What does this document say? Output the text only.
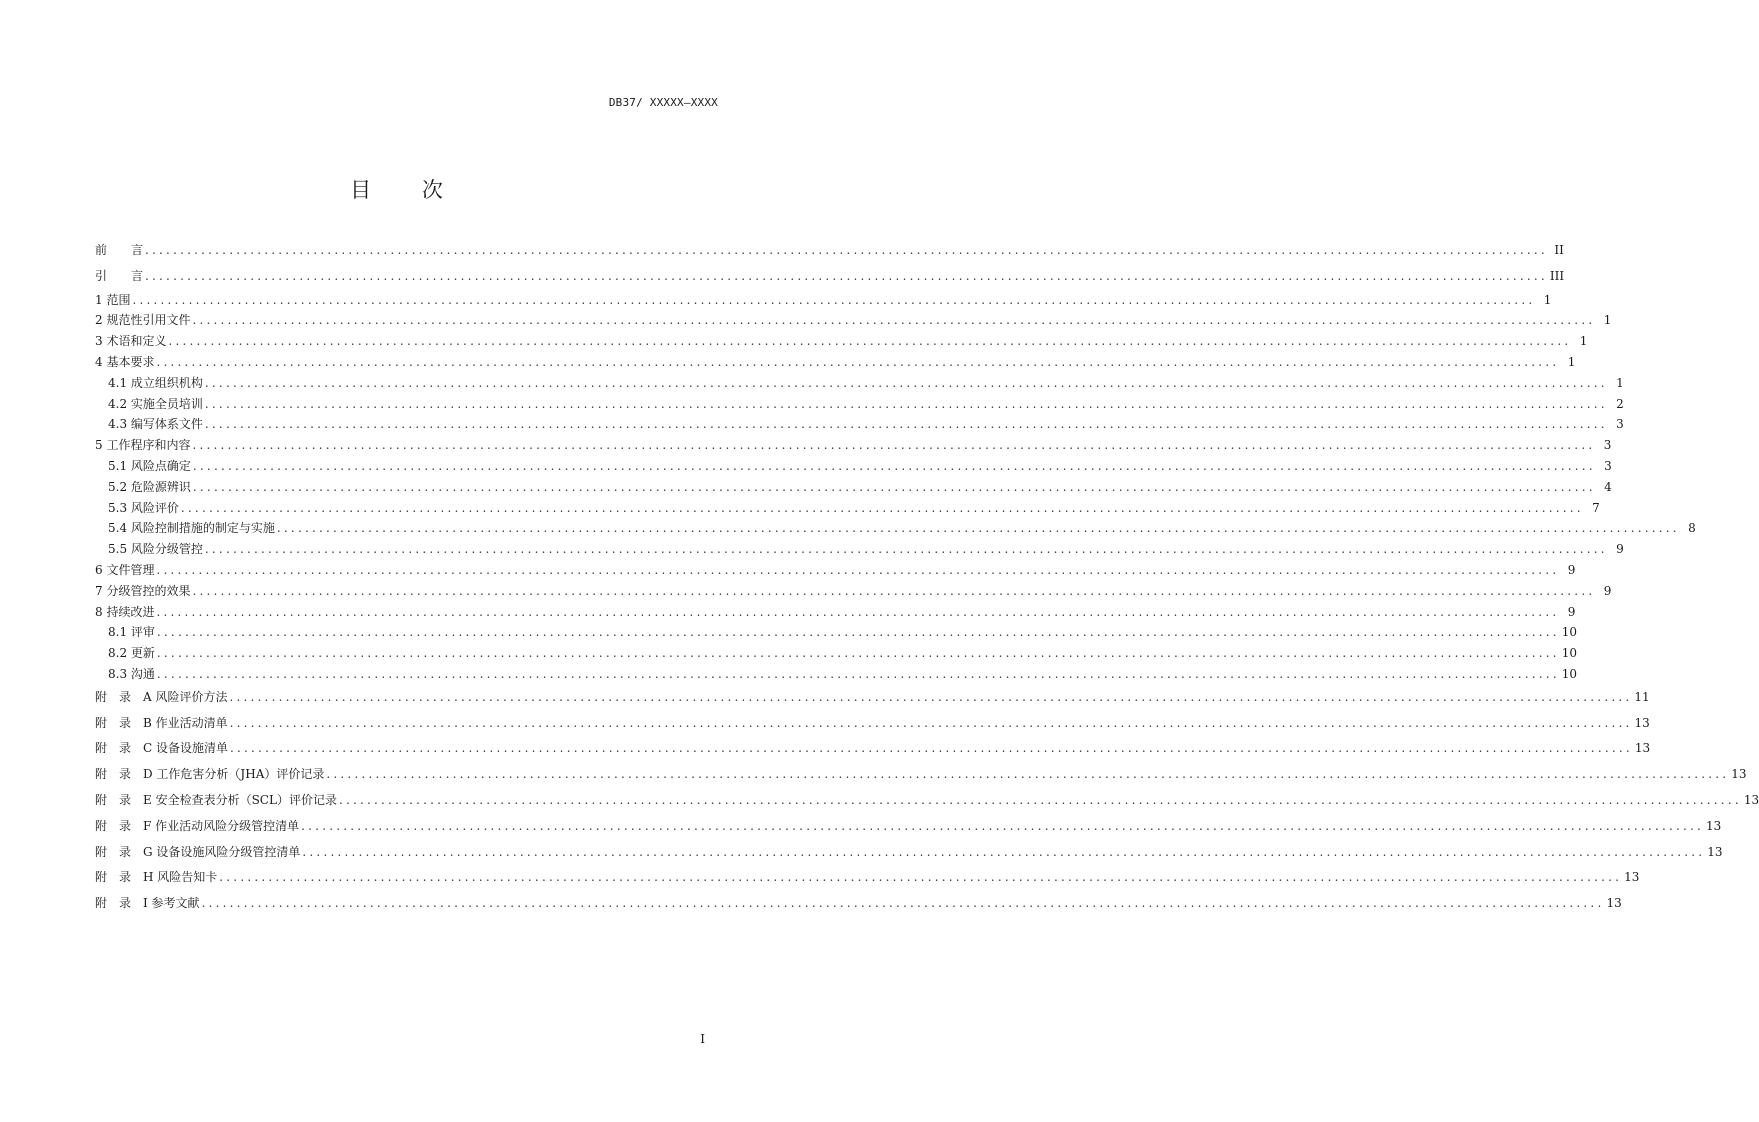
DB37/ XXXXX—XXXX
目 次
前　　言 ........................................................................................................................................................................................................ II
引　　言 ........................................................................................................................................................................................................ III
1 范围 ........................................................................................................................................................................................................ 1
2 规范性引用文件 ........................................................................................................................................................................................................ 1
3 术语和定义 ........................................................................................................................................................................................................ 1
4 基本要求 ........................................................................................................................................................................................................ 1
4.1 成立组织机构 ........................................................................................................................................................................................................ 1
4.2 实施全员培训 ........................................................................................................................................................................................................ 2
4.3 编写体系文件 ........................................................................................................................................................................................................ 3
5 工作程序和内容 ........................................................................................................................................................................................................ 3
5.1 风险点确定 ........................................................................................................................................................................................................ 3
5.2 危险源辨识 ........................................................................................................................................................................................................ 4
5.3 风险评价 ........................................................................................................................................................................................................ 7
5.4 风险控制措施的制定与实施 ........................................................................................................................................................................................................ 8
5.5 风险分级管控 ........................................................................................................................................................................................................ 9
6 文件管理 ........................................................................................................................................................................................................ 9
7 分级管控的效果 ........................................................................................................................................................................................................ 9
8 持续改进 ........................................................................................................................................................................................................ 9
8.1 评审 ........................................................................................................................................................................................................ 10
8.2 更新 ........................................................................................................................................................................................................ 10
8.3 沟通 ........................................................................................................................................................................................................ 10
附　录　A 风险评价方法 ........................................................................................................................................................................................................ 11
附　录　B 作业活动清单 ........................................................................................................................................................................................................ 13
附　录　C 设备设施清单 ........................................................................................................................................................................................................ 13
附　录　D 工作危害分析（JHA）评价记录 ........................................................................................................................................................................................................ 13
附　录　E 安全检查表分析（SCL）评价记录 ........................................................................................................................................................................................................ 13
附　录　F 作业活动风险分级管控清单 ........................................................................................................................................................................................................ 13
附　录　G 设备设施风险分级管控清单 ........................................................................................................................................................................................................ 13
附　录　H 风险告知卡 ........................................................................................................................................................................................................ 13
附　录　I 参考文献 ........................................................................................................................................................................................................ 13
I
